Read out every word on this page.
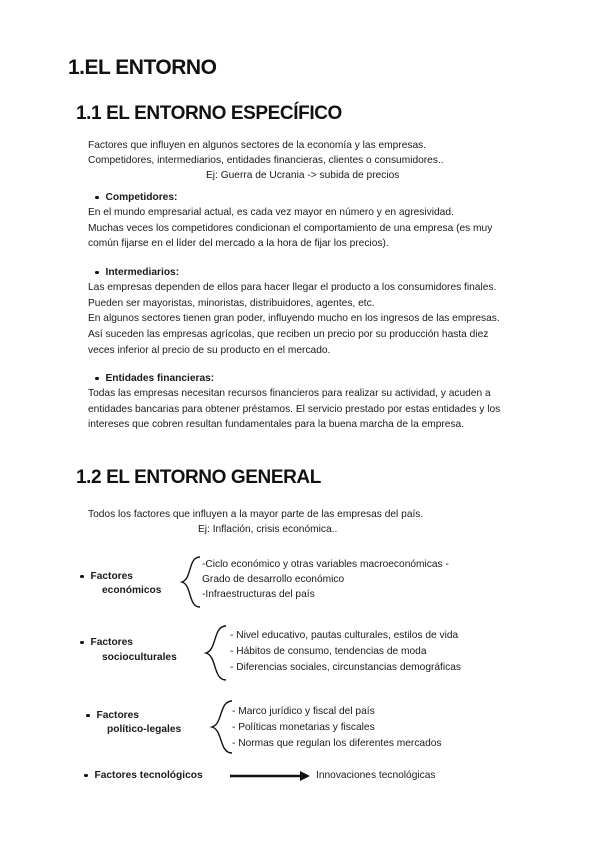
1.EL ENTORNO
1.1 EL ENTORNO ESPECÍFICO
Factores que influyen en algunos sectores de la economía y las empresas.
Competidores, intermediarios, entidades financieras, clientes o consumidores..
Ej: Guerra de Ucrania -> subida de precios
Competidores:
En el mundo empresarial actual, es cada vez mayor en número y en agresividad.
Muchas veces los competidores condicionan el comportamiento de una empresa (es muy
común fijarse en el líder del mercado a la hora de fijar los precios).
Intermediarios:
Las empresas dependen de ellos para hacer llegar el producto a los consumidores finales.
Pueden ser mayoristas, minoristas, distribuidores, agentes, etc.
En algunos sectores tienen gran poder, influyendo mucho en los ingresos de las empresas.
Así suceden las empresas agrícolas, que reciben un precio por su producción hasta diez
veces inferior al precio de su producto en el mercado.
Entidades financieras:
Todas las empresas necesitan recursos financieros para realizar su actividad, y acuden a
entidades bancarias para obtener préstamos. El servicio prestado por estas entidades y los
intereses que cobren resultan fundamentales para la buena marcha de la empresa.
1.2 EL ENTORNO GENERAL
Todos los factores que influyen a la mayor parte de las empresas del país.
Ej: Inflación, crisis económica..
Factores
económicos
-Ciclo económico y otras variables macroeconómicas -
Grado de desarrollo económico
-Infraestructuras del país
Factores
socioculturales
- Nivel educativo, pautas culturales, estilos de vida
- Hábitos de consumo, tendencias de moda
- Diferencias sociales, circunstancias demográficas
Factores
político-legales
- Marco jurídico y fiscal del país
- Políticas monetarias y fiscales
- Normas que regulan los diferentes mercados
Factores tecnológicos	Innovaciones tecnológicas
